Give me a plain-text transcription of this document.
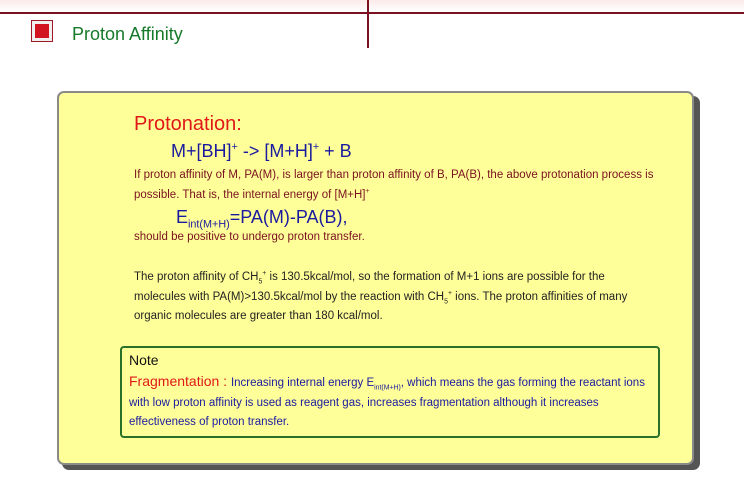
Proton Affinity
Protonation:
M+[BH]+ -> [M+H]+ + B
If proton affinity of M, PA(M), is larger than proton affinity of B, PA(B), the above protonation process is possible. That is, the internal energy of [M+H]+
$E_{int(M+H)}=PA(M)-PA(B)$,
should be positive to undergo proton transfer.
The proton affinity of $CH_5^+$ is 130.5kcal/mol, so the formation of M+1 ions are possible for the molecules with PA(M)>130.5kcal/mol by the reaction with $CH_5^+$ ions. The proton affinities of many organic molecules are greater than 180 kcal/mol.
Note
Fragmentation : Increasing internal energy $E_{int(M+H)}$, which means the gas forming the reactant ions with low proton affinity is used as reagent gas, increases fragmentation although it increases effectiveness of proton transfer.
